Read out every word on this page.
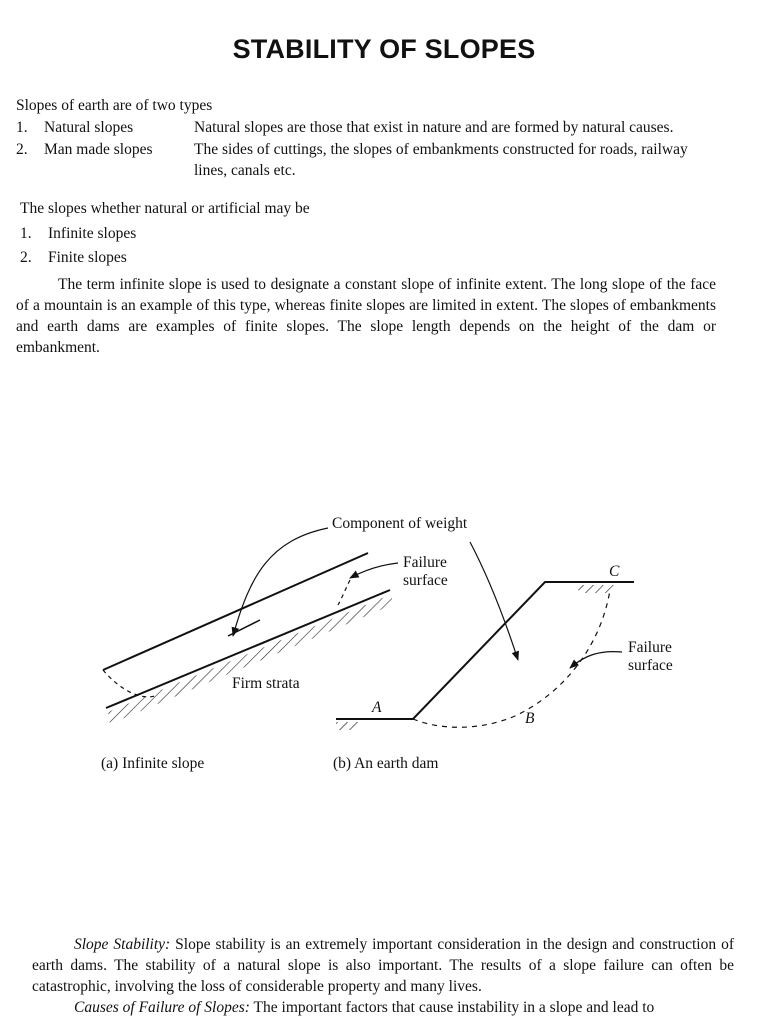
STABILITY OF SLOPES
Slopes of earth are of two types
1. Natural slopes	Natural slopes are those that exist in nature and are formed by natural causes.
2. Man made slopes	The sides of cuttings, the slopes of embankments constructed for roads, railway
lines, canals etc.
The slopes whether natural or artificial may be
1. Infinite slopes
2. Finite slopes

The term infinite slope is used to designate a constant slope of infinite extent. The long slope of the face of a mountain is an example of this type, whereas finite slopes are limited in extent. The slopes of embankments and earth dams are examples of finite slopes. The slope length depends on the height of the dam or embankment.

Component of weight
Failure
surface
Firm strata
C
Failure
surface
A
B
(a) Infinite slope	(b) An earth dam

Slope Stability: Slope stability is an extremely important consideration in the design and construction of earth dams. The stability of a natural slope is also important. The results of a slope failure can often be catastrophic, involving the loss of considerable property and many lives.

Causes of Failure of Slopes: The important factors that cause instability in a slope and lead to
